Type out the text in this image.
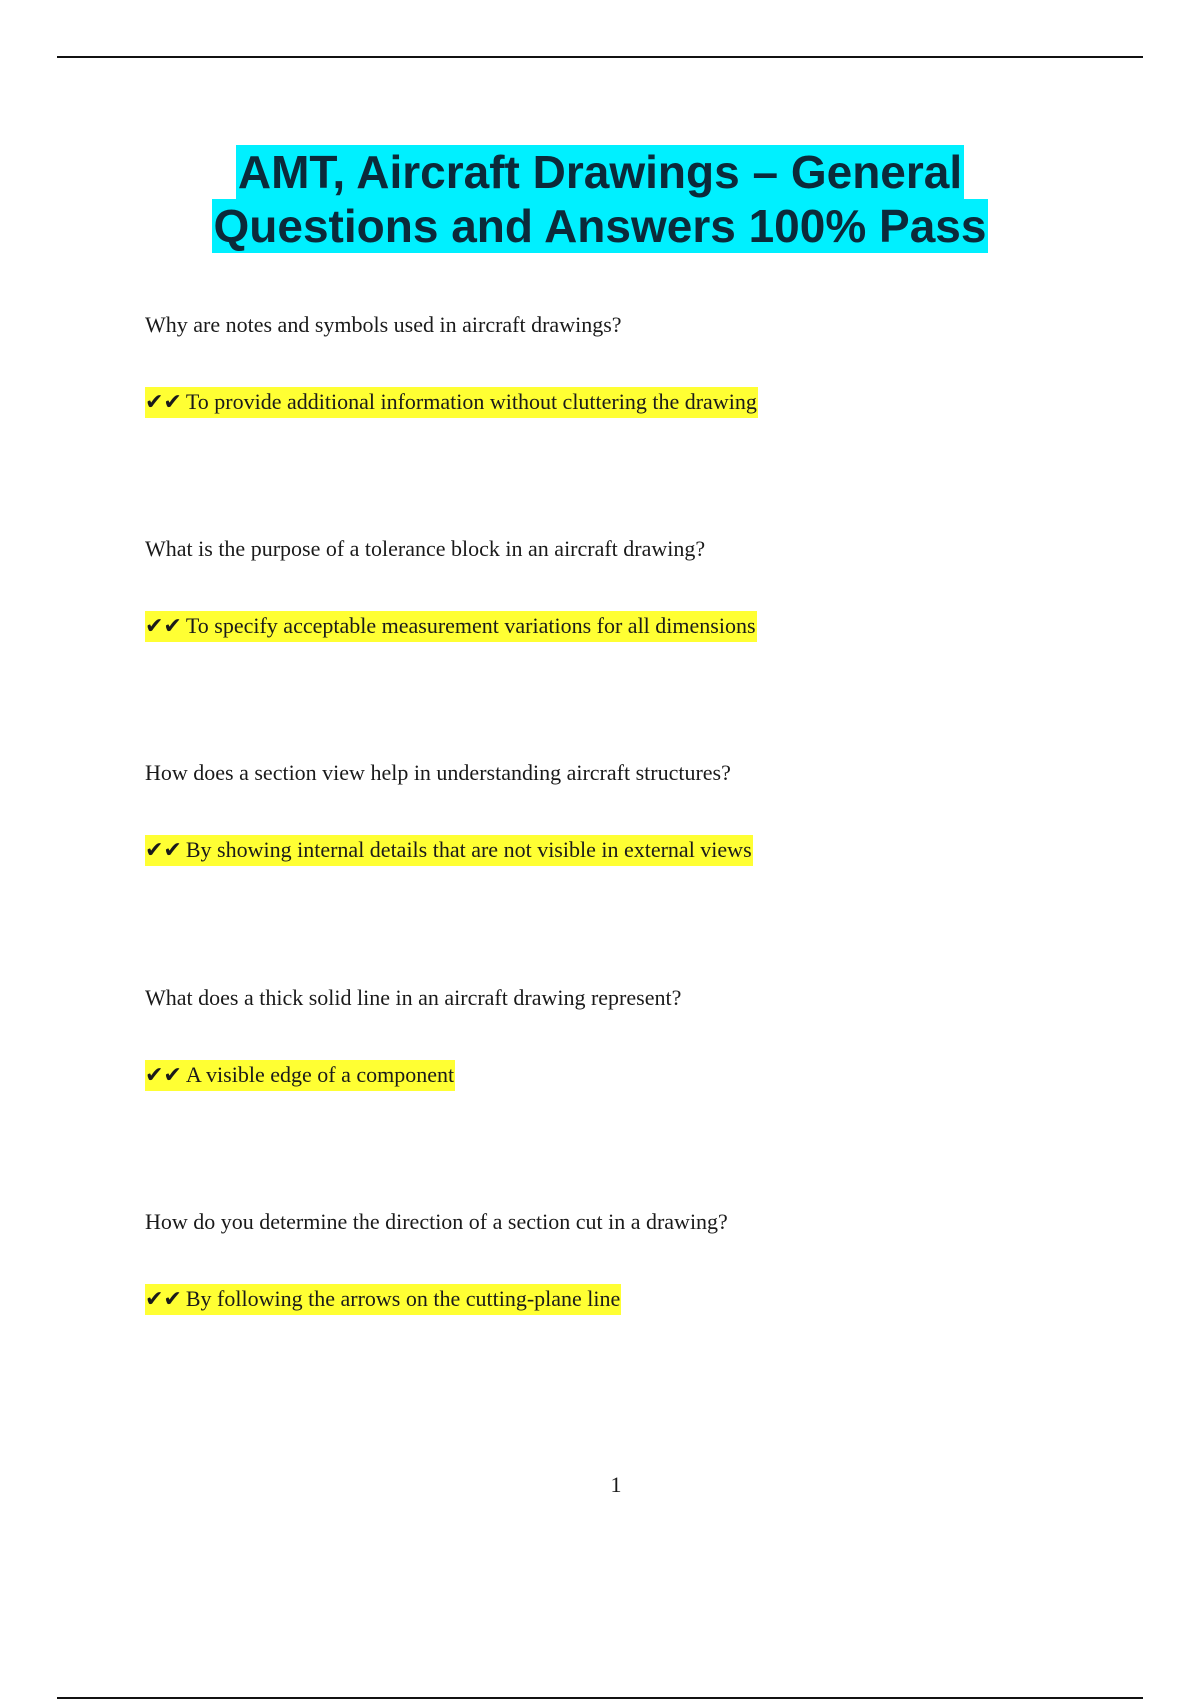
AMT, Aircraft Drawings – General
Questions and Answers 100% Pass

Why are notes and symbols used in aircraft drawings?

✔✔ To provide additional information without cluttering the drawing

What is the purpose of a tolerance block in an aircraft drawing?

✔✔ To specify acceptable measurement variations for all dimensions

How does a section view help in understanding aircraft structures?

✔✔ By showing internal details that are not visible in external views

What does a thick solid line in an aircraft drawing represent?

✔✔ A visible edge of a component

How do you determine the direction of a section cut in a drawing?

✔✔ By following the arrows on the cutting-plane line
1
